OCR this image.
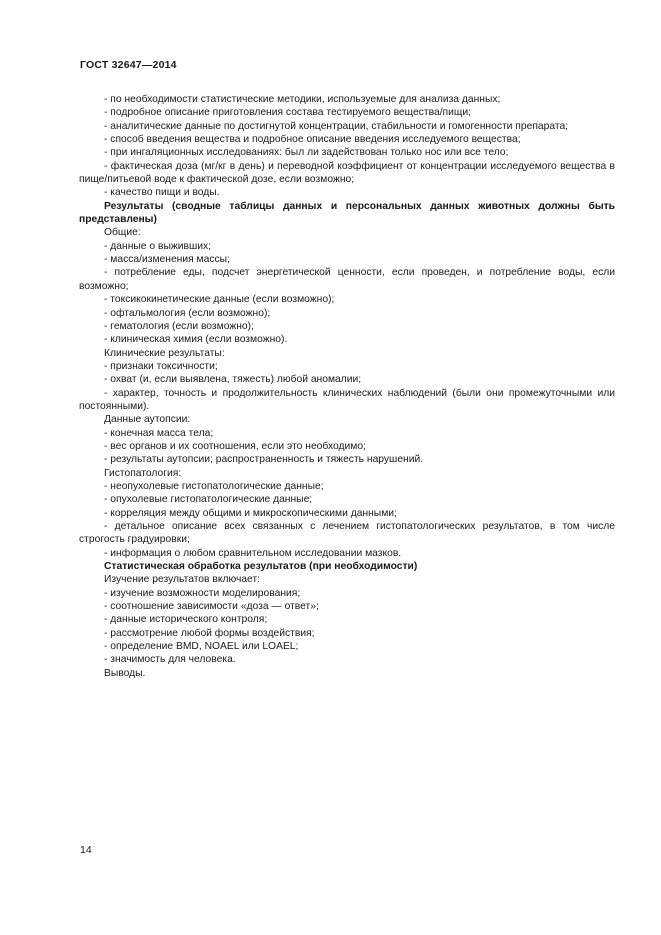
ГОСТ 32647—2014

- по необходимости статистические методики, используемые для анализа данных;

- подробное описание приготовления состава тестируемого вещества/пищи;

- аналитические данные по достигнутой концентрации, стабильности и гомогенности препарата;

- способ введения вещества и подробное описание введения исследуемого вещества;

- при ингаляционных исследованиях: был ли задействован только нос или все тело;

- фактическая доза (мг/кг в день) и переводной коэффициент от концентрации исследуемого вещества в пище/питьевой воде к фактической дозе, если возможно;

- качество пищи и воды.

Результаты (сводные таблицы данных и персональных данных животных должны быть представлены)

Общие:

- данные о выживших;

- масса/изменения массы;

- потребление еды, подсчет энергетической ценности, если проведен, и потребление воды, если возможно;

- токсикокинетические данные (если возможно);

- офтальмология (если возможно);

- гематология (если возможно);

- клиническая химия (если возможно).

Клинические результаты:

- признаки токсичности;

- охват (и, если выявлена, тяжесть) любой аномалии;

- характер, точность и продолжительность клинических наблюдений (были они промежуточными или постоянными).

Данные аутопсии:

- конечная масса тела;

- вес органов и их соотношения, если это необходимо;

- результаты аутопсии; распространенность и тяжесть нарушений.

Гистопатология:

- неопухолевые гистопатологические данные;

- опухолевые гистопатологические данные;

- корреляция между общими и микроскопическими данными;

- детальное описание всех связанных с лечением гистопатологических результатов, в том числе строгость градуировки;

- информация о любом сравнительном исследовании мазков.

Статистическая обработка результатов (при необходимости)

Изучение результатов включает:

- изучение возможности моделирования;

- соотношение зависимости «доза — ответ»;

- данные исторического контроля;

- рассмотрение любой формы воздействия;

- определение BMD, NOAEL или LOAEL;

- значимость для человека.

Выводы.

14
